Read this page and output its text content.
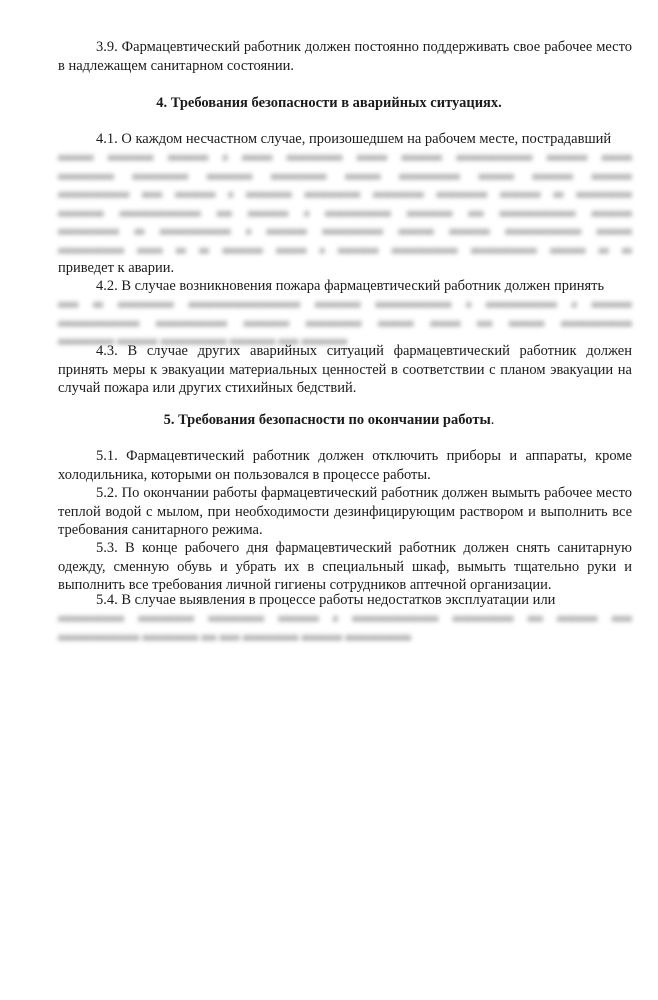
3.9. Фармацевтический работник должен постоянно поддерживать свое рабочее место в надлежащем санитарном состоянии.
4. Требования безопасности в аварийных ситуациях.
4.1. О каждом несчастном случае, произошедшем на рабочем месте, пострадавший
ааааааа ааааааааа аааааааа а аааааа ааааааааааа аааааа аааааааа ааааааааааааааа аааааааа аааааа
ааааааааааа ааааааааааа ааааааааа ааааааааааа ааааааа аааааааааааа ааааааа аааааааа аааааааа
аааааааааааааа аааа аааааааа а ааааааааа ааааааааааа аааааааааа аааааааааа аааааааа аа ааааааааааа
ааааааааа аааааааааааааааа ааа аааааааа а ааааааааааааа ааааааааа ааа ааааааааааааааа аааааааа
аааааааааааа аа аааааааааааааа а аааааааа аааааааааааа ааааааа аааааааа ааааааааааааааа ааааааа
ааааааааааааа ааааа аа аа аааааааа аааааа а аааааааа ааааааааааааа ааааааааааааа ааааааа аа аа
приведет к аварии.
4.2. В случае возникновения пожара фармацевтический работник должен принять
аааа аа ааааааааааа аааааааааааааааааааааа ааааааааа ааааааааааааааа а аааааааааааааа а аааааааа
аааааааааааааааа аааааааааааааа ааааааааа ааааааааааа ааааааа аааааа ааа ааааааа аааааааааааааа
ааааааааааа аааааааа ааааааааааааа ааааааааа аааа ааааааааа
4.3. В случае других аварийных ситуаций фармацевтический работник должен принять меры к эвакуации материальных ценностей в соответствии с планом эвакуации на случай пожара или других стихийных бедствий.
5. Требования безопасности по окончании работы.
5.1. Фармацевтический работник должен отключить приборы и аппараты, кроме холодильника, которыми он пользовался в процессе работы.
5.2. По окончании работы фармацевтический работник должен вымыть рабочее место теплой водой с мылом, при необходимости дезинфицирующим раствором и выполнить все требования санитарного режима.
5.3. В конце рабочего дня фармацевтический работник должен снять санитарную одежду, сменную обувь и убрать их в специальный шкаф, вымыть тщательно руки и выполнить все требования личной гигиены сотрудников аптечной организации.
5.4. В случае выявления в процессе работы недостатков эксплуатации или
ааааааааааааа ааааааааааа ааааааааааа аааааааа а ааааааааааааааааа аааааааааааа ааа аааааааа аааа
аааааааааааааааа ааааааааааа ааа аааа ааааааааааа аааааааа ааааааааааааа
